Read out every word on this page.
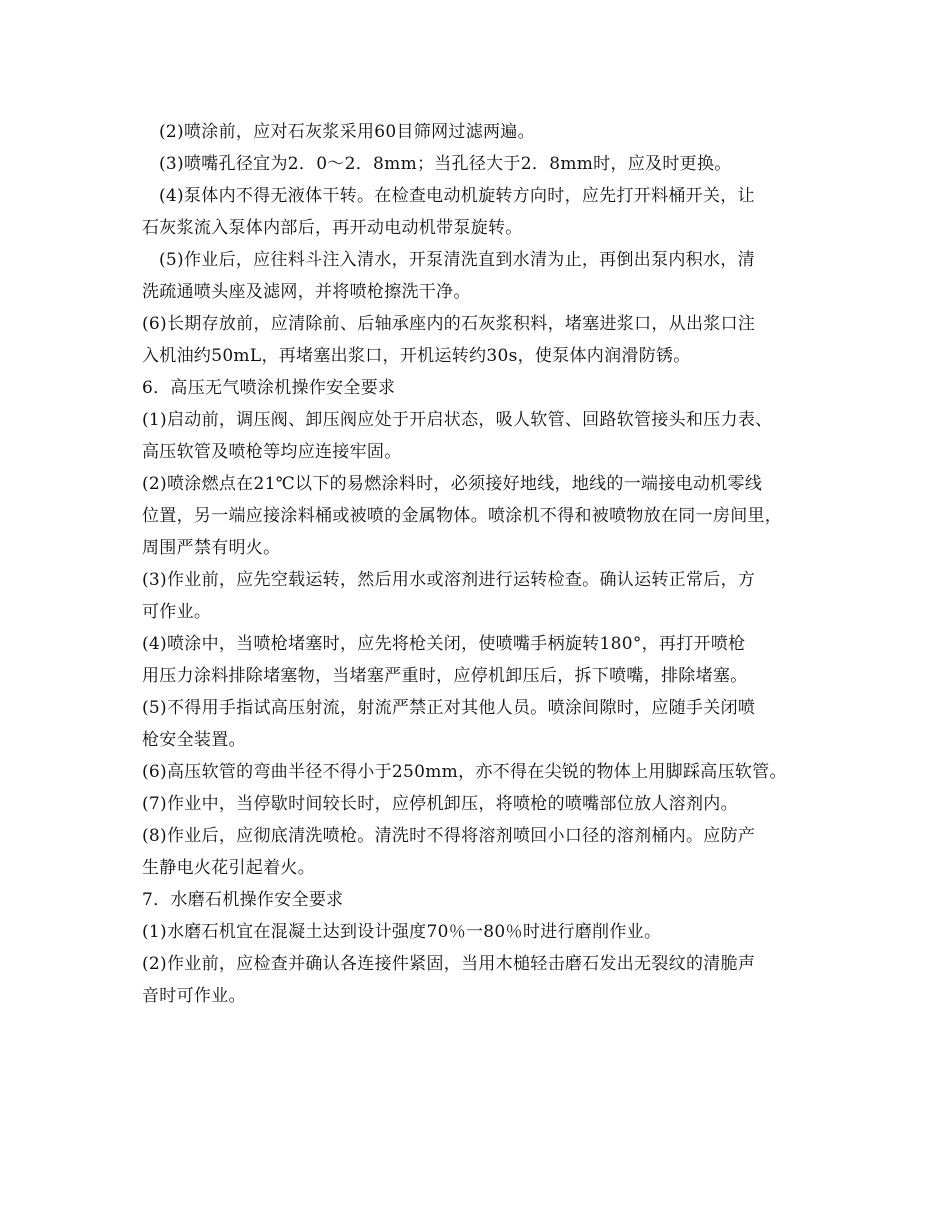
(2)喷涂前，应对石灰浆采用60目筛网过滤两遍。
(3)喷嘴孔径宜为2．0～2．8mm；当孔径大于2．8mm时，应及时更换。
(4)泵体内不得无液体干转。在检查电动机旋转方向时，应先打开料桶开关，让
石灰浆流入泵体内部后，再开动电动机带泵旋转。
(5)作业后，应往料斗注入清水，开泵清洗直到水清为止，再倒出泵内积水，清
洗疏通喷头座及滤网，并将喷枪擦洗干净。
(6)长期存放前，应清除前、后轴承座内的石灰浆积料，堵塞进浆口，从出浆口注
入机油约50mL，再堵塞出浆口，开机运转约30s，使泵体内润滑防锈。
6．高压无气喷涂机操作安全要求
(1)启动前，调压阀、卸压阀应处于开启状态，吸人软管、回路软管接头和压力表、
高压软管及喷枪等均应连接牢固。
(2)喷涂燃点在21℃以下的易燃涂料时，必须接好地线，地线的一端接电动机零线
位置，另一端应接涂料桶或被喷的金属物体。喷涂机不得和被喷物放在同一房间里，
周围严禁有明火。
(3)作业前，应先空载运转，然后用水或溶剂进行运转检查。确认运转正常后，方
可作业。
(4)喷涂中，当喷枪堵塞时，应先将枪关闭，使喷嘴手柄旋转180°，再打开喷枪
用压力涂料排除堵塞物，当堵塞严重时，应停机卸压后，拆下喷嘴，排除堵塞。
(5)不得用手指试高压射流，射流严禁正对其他人员。喷涂间隙时，应随手关闭喷
枪安全装置。
(6)高压软管的弯曲半径不得小于250mm，亦不得在尖锐的物体上用脚踩高压软管。
(7)作业中，当停歇时间较长时，应停机卸压，将喷枪的喷嘴部位放人溶剂内。
(8)作业后，应彻底清洗喷枪。清洗时不得将溶剂喷回小口径的溶剂桶内。应防产
生静电火花引起着火。
7．水磨石机操作安全要求
(1)水磨石机宜在混凝土达到设计强度70％一80％时进行磨削作业。
(2)作业前，应检查并确认各连接件紧固，当用木槌轻击磨石发出无裂纹的清脆声
音时可作业。
